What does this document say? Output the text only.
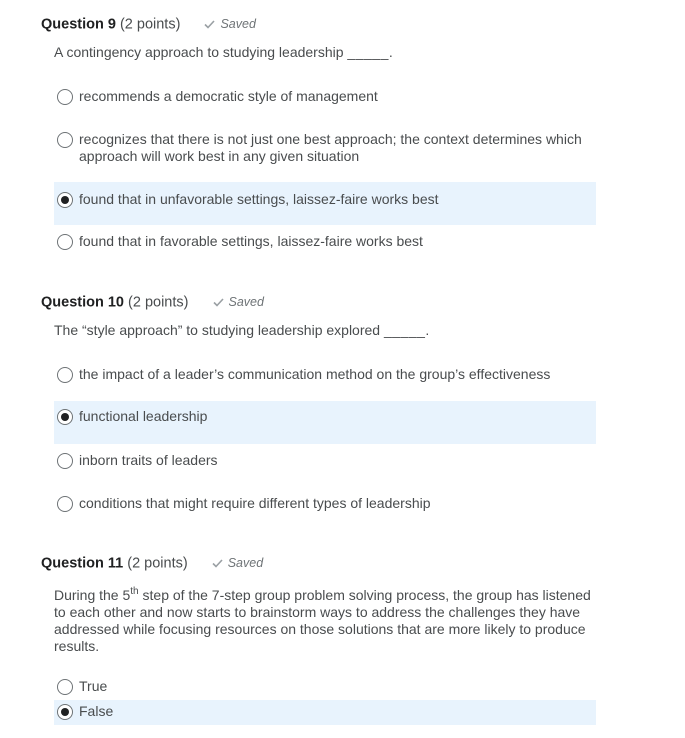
Question 9 (2 points)	Saved
A contingency approach to studying leadership _____.
recommends a democratic style of management
recognizes that there is not just one best approach; the context determines which approach will work best in any given situation
found that in unfavorable settings, laissez-faire works best
found that in favorable settings, laissez-faire works best
Question 10 (2 points)	Saved
The “style approach” to studying leadership explored _____.
the impact of a leader’s communication method on the group’s effectiveness
functional leadership
inborn traits of leaders
conditions that might require different types of leadership
Question 11 (2 points)	Saved
During the 5th step of the 7-step group problem solving process, the group has listened to each other and now starts to brainstorm ways to address the challenges they have addressed while focusing resources on those solutions that are more likely to produce results.
True
False
